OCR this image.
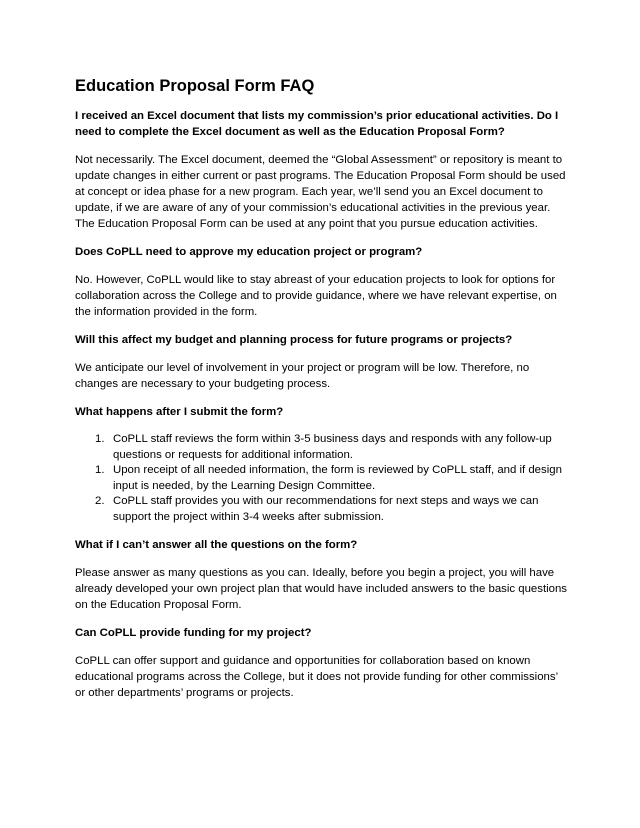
Education Proposal Form FAQ
I received an Excel document that lists my commission’s prior educational activities. Do I need to complete the Excel document as well as the Education Proposal Form?
Not necessarily. The Excel document, deemed the “Global Assessment” or repository is meant to update changes in either current or past programs. The Education Proposal Form should be used at concept or idea phase for a new program. Each year, we’ll send you an Excel document to update, if we are aware of any of your commission’s educational activities in the previous year. The Education Proposal Form can be used at any point that you pursue education activities.
Does CoPLL need to approve my education project or program?
No. However, CoPLL would like to stay abreast of your education projects to look for options for collaboration across the College and to provide guidance, where we have relevant expertise, on the information provided in the form.
Will this affect my budget and planning process for future programs or projects?
We anticipate our level of involvement in your project or program will be low. Therefore, no changes are necessary to your budgeting process.
What happens after I submit the form?
1. CoPLL staff reviews the form within 3-5 business days and responds with any follow-up questions or requests for additional information.
1. Upon receipt of all needed information, the form is reviewed by CoPLL staff, and if design input is needed, by the Learning Design Committee.
2. CoPLL staff provides you with our recommendations for next steps and ways we can support the project within 3-4 weeks after submission.
What if I can’t answer all the questions on the form?
Please answer as many questions as you can. Ideally, before you begin a project, you will have already developed your own project plan that would have included answers to the basic questions on the Education Proposal Form.
Can CoPLL provide funding for my project?
CoPLL can offer support and guidance and opportunities for collaboration based on known educational programs across the College, but it does not provide funding for other commissions’ or other departments’ programs or projects.
